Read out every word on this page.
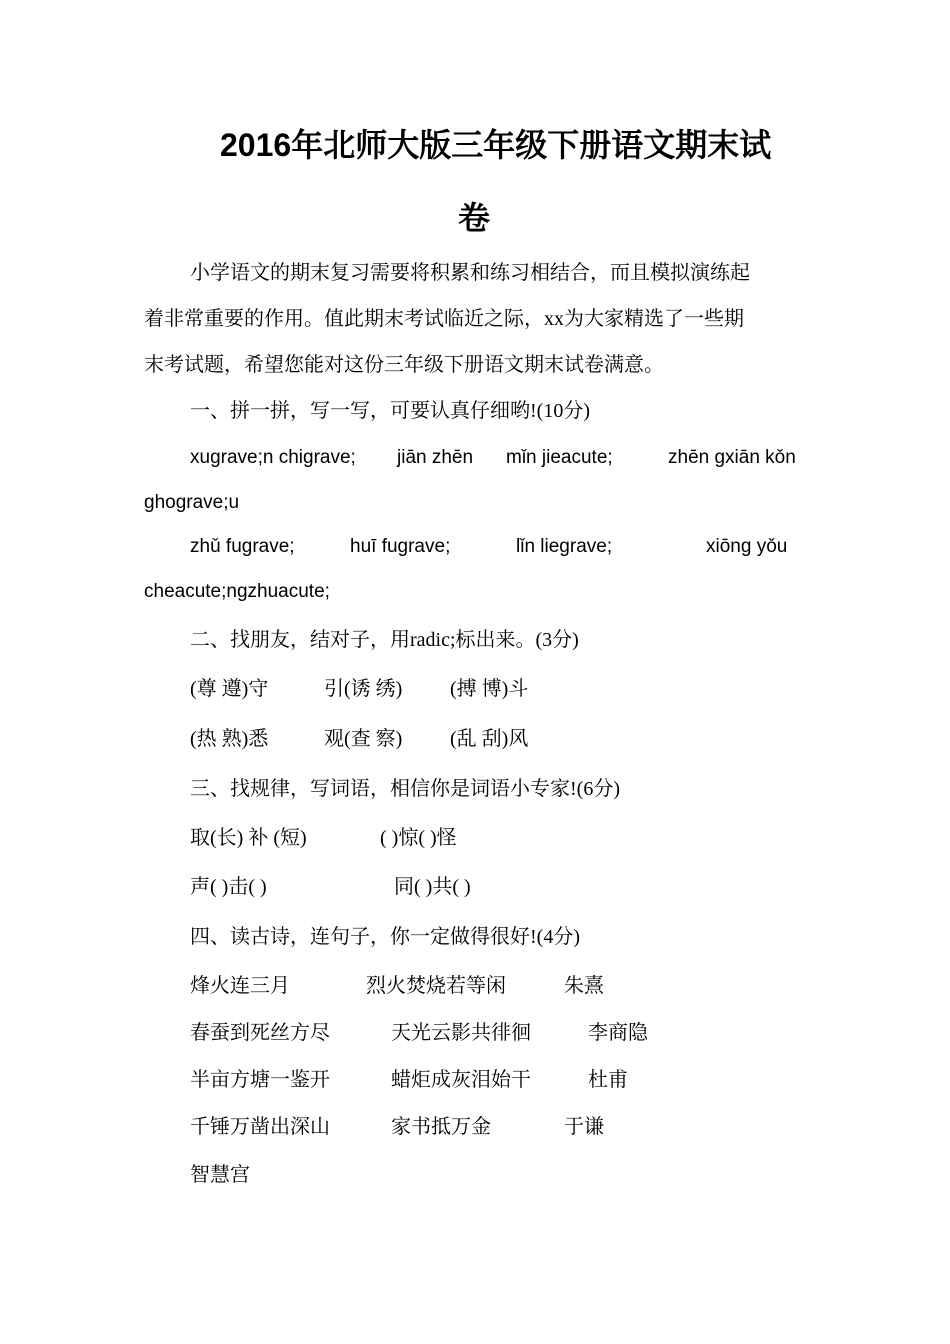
2016年北师大版三年级下册语文期末试
卷
小学语文的期末复习需要将积累和练习相结合，而且模拟演练起
着非常重要的作用。值此期末考试临近之际，xx为大家精选了一些期
末考试题，希望您能对这份三年级下册语文期末试卷满意。
一、拼一拼，写一写，可要认真仔细哟!(10分)
xugrave;n chigrave; jiān zhēn mǐn jieacute;	zhēn gxiān kǒn
ghograve;u
zhǔ fugrave;	huī fugrave;	lǐn liegrave;	xiōng yǒu
cheacute;ngzhuacute;
二、找朋友，结对子，用radic;标出来。(3分)
(尊 遵)守	引(诱 绣) (搏 博)斗
(热 熟)悉	观(查 察) (乱 刮)风
三、找规律，写词语，相信你是词语小专家!(6分)
取(长) 补 (短)	( )惊( )怪
声( )击( )	同( )共( )
四、读古诗，连句子，你一定做得很好!(4分)
烽火连三月	烈火焚烧若等闲	朱熹
春蚕到死丝方尽	天光云影共徘徊	李商隐
半亩方塘一鉴开	蜡炬成灰泪始干	杜甫
千锤万凿出深山	家书抵万金	于谦
智慧宫
